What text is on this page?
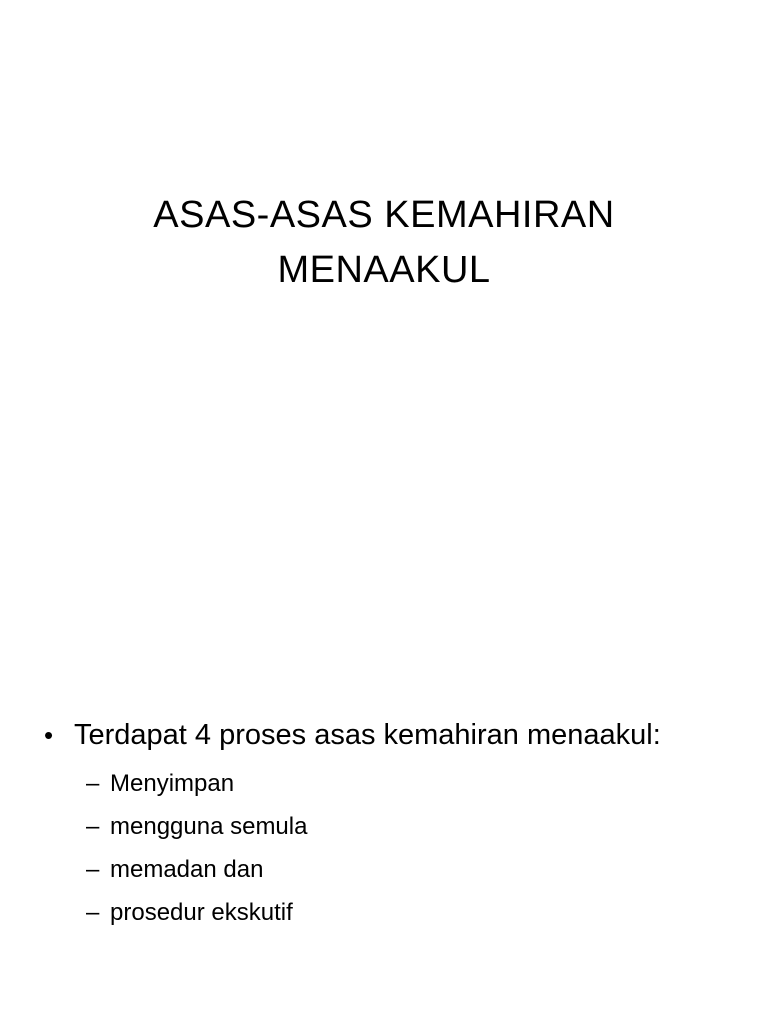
ASAS-ASAS KEMAHIRAN
MENAAKUL
• Terdapat 4 proses asas kemahiran menaakul:
– Menyimpan
– mengguna semula
– memadan dan
– prosedur ekskutif
